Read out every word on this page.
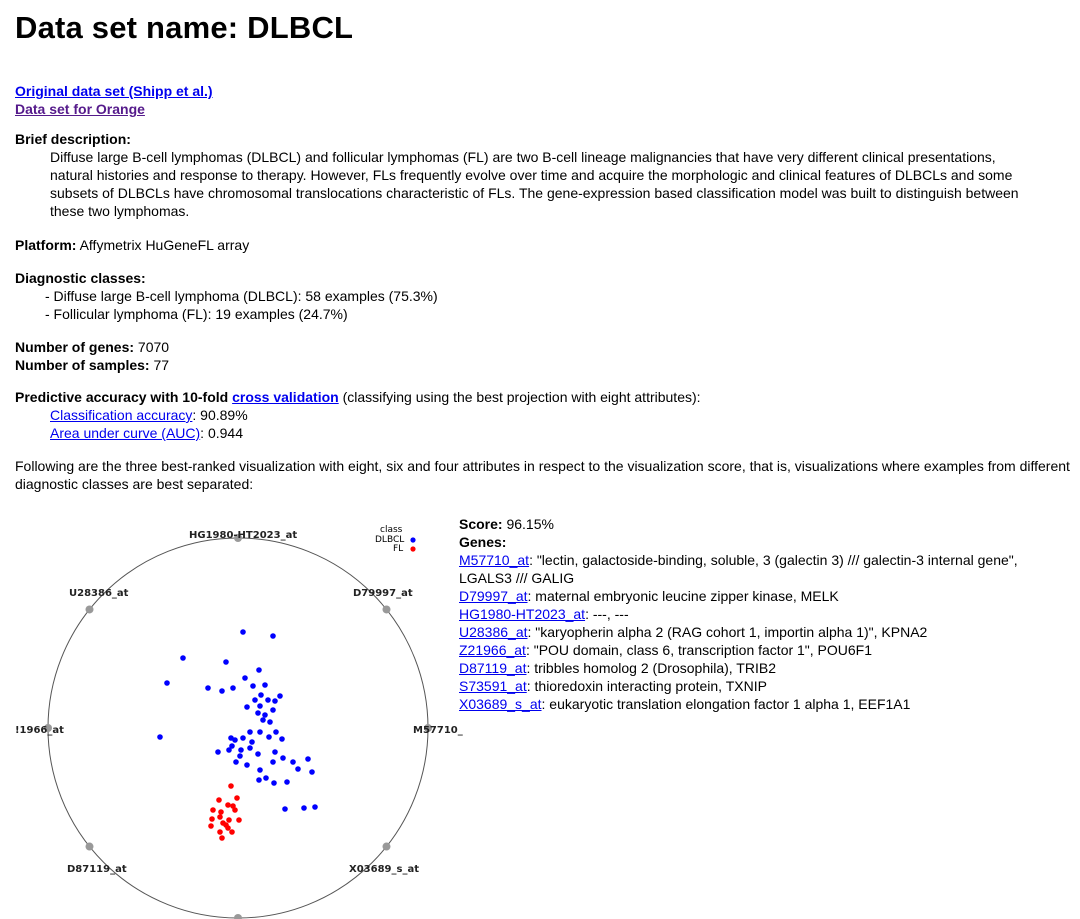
Data set name: DLBCL
Original data set (Shipp et al.)
Data set for Orange
Brief description:
Diffuse large B-cell lymphomas (DLBCL) and follicular lymphomas (FL) are two B-cell lineage malignancies that have very different clinical presentations, natural histories and response to therapy. However, FLs frequently evolve over time and acquire the morphologic and clinical features of DLBCLs and some subsets of DLBCLs have chromosomal translocations characteristic of FLs. The gene-expression based classification model was built to distinguish between these two lymphomas.
Platform: Affymetrix HuGeneFL array
Diagnostic classes:
- Diffuse large B-cell lymphoma (DLBCL): 58 examples (75.3%)
- Follicular lymphoma (FL): 19 examples (24.7%)
Number of genes: 7070
Number of samples: 77
Predictive accuracy with 10-fold cross validation (classifying using the best projection with eight attributes):
Classification accuracy: 90.89%
Area under curve (AUC): 0.944
Following are the three best-ranked visualization with eight, six and four attributes in respect to the visualization score, that is, visualizations where examples from different diagnostic classes are best separated:
HG1980-HT2023_at
D79997_at
M57710_
X03689_s_at
D87119_at
!1966_at
U28386_at
class
DLBCL
FL
Score: 96.15%
Genes:
M57710_at: "lectin, galactoside-binding, soluble, 3 (galectin 3) /// galectin-3 internal gene", LGALS3 /// GALIG
D79997_at: maternal embryonic leucine zipper kinase, MELK
HG1980-HT2023_at: ---, ---
U28386_at: "karyopherin alpha 2 (RAG cohort 1, importin alpha 1)", KPNA2
Z21966_at: "POU domain, class 6, transcription factor 1", POU6F1
D87119_at: tribbles homolog 2 (Drosophila), TRIB2
S73591_at: thioredoxin interacting protein, TXNIP
X03689_s_at: eukaryotic translation elongation factor 1 alpha 1, EEF1A1
